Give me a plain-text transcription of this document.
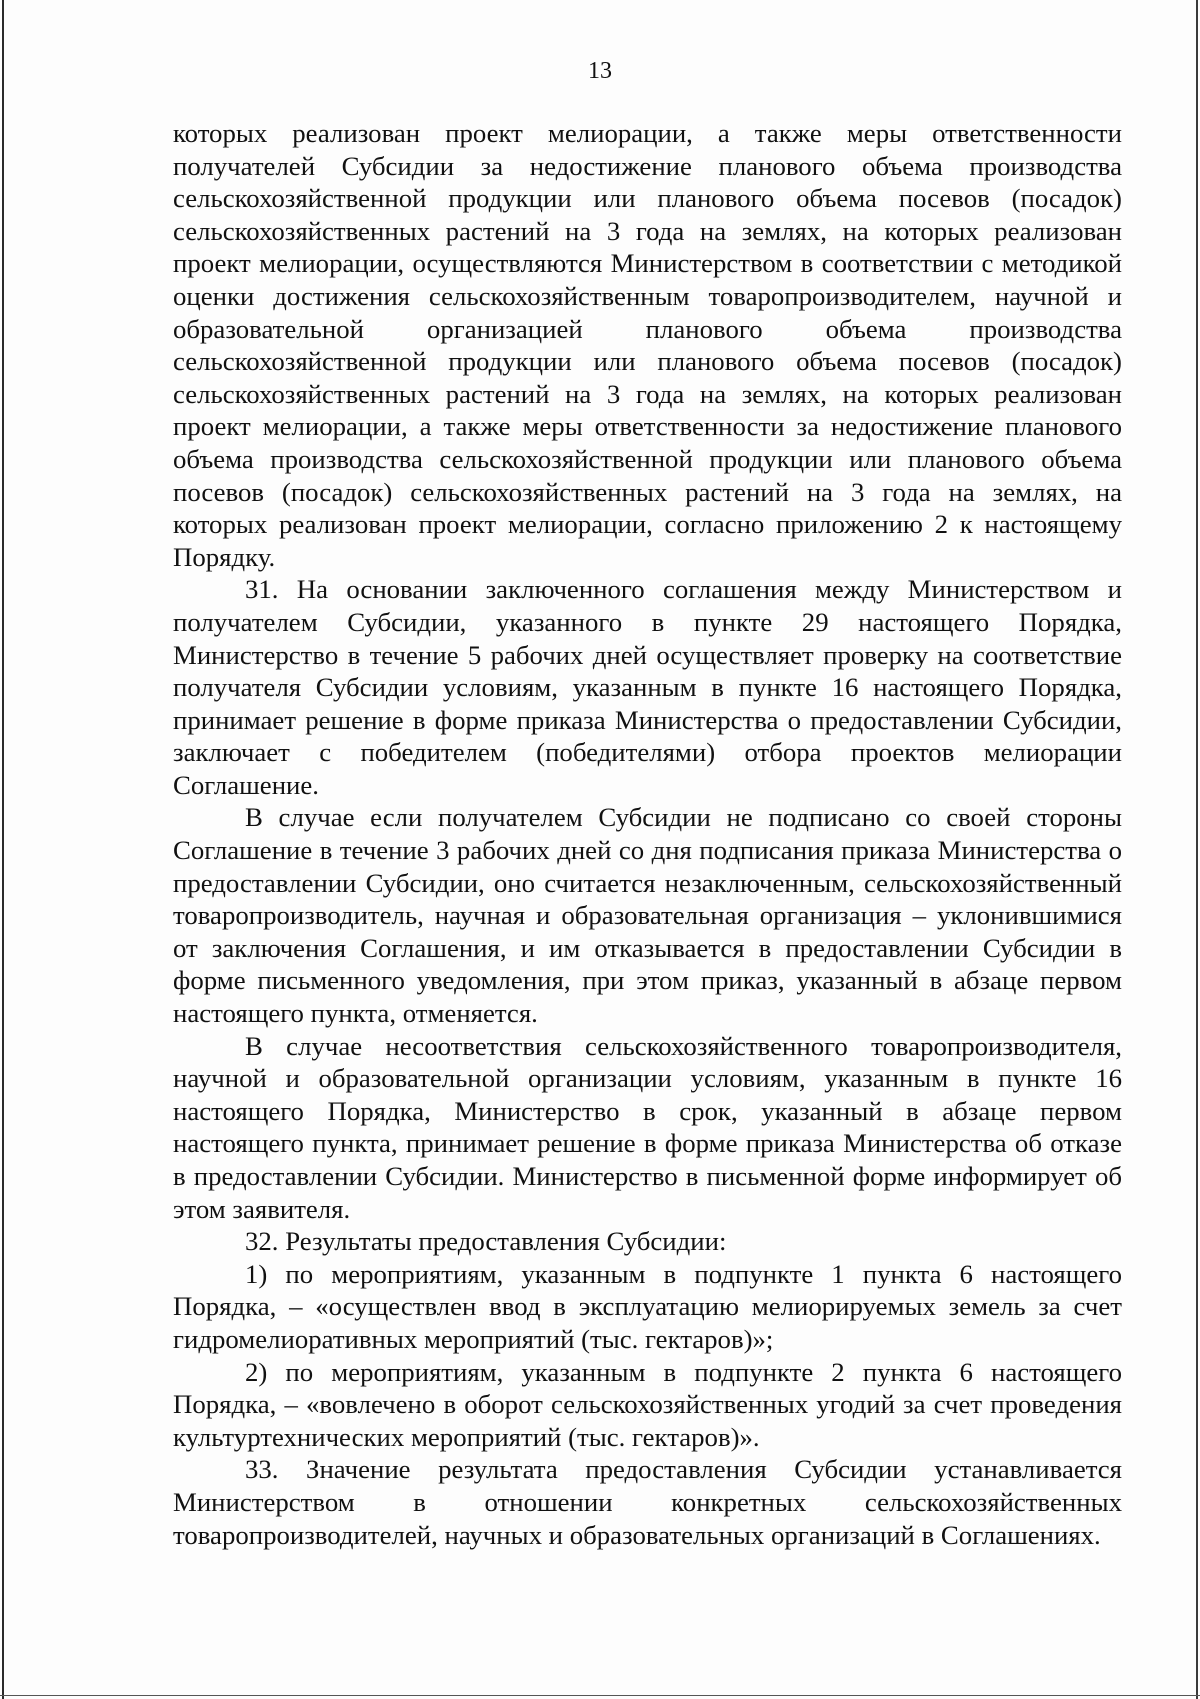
13

которых реализован проект мелиорации, а также меры ответственности получателей Субсидии за недостижение планового объема производства сельскохозяйственной продукции или планового объема посевов (посадок) сельскохозяйственных растений на 3 года на землях, на которых реализован проект мелиорации, осуществляются Министерством в соответствии с методикой оценки достижения сельскохозяйственным товаропроизводителем, научной и образовательной организацией планового объема производства сельскохозяйственной продукции или планового объема посевов (посадок) сельскохозяйственных растений на 3 года на землях, на которых реализован проект мелиорации, а также меры ответственности за недостижение планового объема производства сельскохозяйственной продукции или планового объема посевов (посадок) сельскохозяйственных растений на 3 года на землях, на которых реализован проект мелиорации, согласно приложению 2 к настоящему Порядку.

31. На основании заключенного соглашения между Министерством и получателем Субсидии, указанного в пункте 29 настоящего Порядка, Министерство в течение 5 рабочих дней осуществляет проверку на соответствие получателя Субсидии условиям, указанным в пункте 16 настоящего Порядка, принимает решение в форме приказа Министерства о предоставлении Субсидии, заключает с победителем (победителями) отбора проектов мелиорации Соглашение.

В случае если получателем Субсидии не подписано со своей стороны Соглашение в течение 3 рабочих дней со дня подписания приказа Министерства о предоставлении Субсидии, оно считается незаключенным, сельскохозяйственный товаропроизводитель, научная и образовательная организация – уклонившимися от заключения Соглашения, и им отказывается в предоставлении Субсидии в форме письменного уведомления, при этом приказ, указанный в абзаце первом настоящего пункта, отменяется.

В случае несоответствия сельскохозяйственного товаропроизводителя, научной и образовательной организации условиям, указанным в пункте 16 настоящего Порядка, Министерство в срок, указанный в абзаце первом настоящего пункта, принимает решение в форме приказа Министерства об отказе в предоставлении Субсидии. Министерство в письменной форме информирует об этом заявителя.

32. Результаты предоставления Субсидии:

1) по мероприятиям, указанным в подпункте 1 пункта 6 настоящего Порядка, – «осуществлен ввод в эксплуатацию мелиорируемых земель за счет гидромелиоративных мероприятий (тыс. гектаров)»;

2) по мероприятиям, указанным в подпункте 2 пункта 6 настоящего Порядка, – «вовлечено в оборот сельскохозяйственных угодий за счет проведения культуртехнических мероприятий (тыс. гектаров)».

33. Значение результата предоставления Субсидии устанавливается Министерством в отношении конкретных сельскохозяйственных товаропроизводителей, научных и образовательных организаций в Соглашениях.
